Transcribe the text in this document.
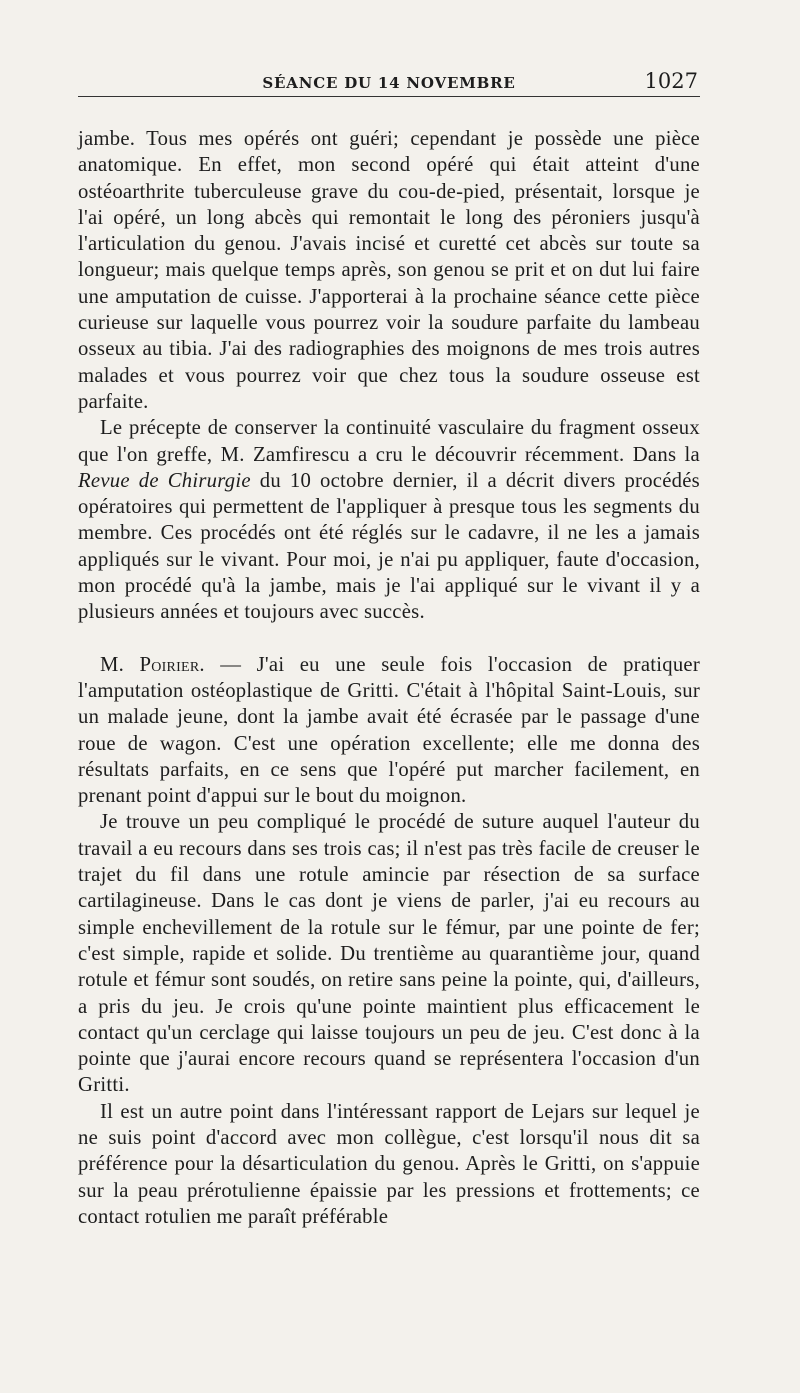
SÉANCE DU 14 NOVEMBRE	1027

jambe. Tous mes opérés ont guéri; cependant je possède une pièce anatomique. En effet, mon second opéré qui était atteint d'une ostéoarthrite tuberculeuse grave du cou-de-pied, présentait, lorsque je l'ai opéré, un long abcès qui remontait le long des péroniers jusqu'à l'articulation du genou. J'avais incisé et curetté cet abcès sur toute sa longueur; mais quelque temps après, son genou se prit et on dut lui faire une amputation de cuisse. J'apporterai à la prochaine séance cette pièce curieuse sur laquelle vous pourrez voir la soudure parfaite du lambeau osseux au tibia. J'ai des radiographies des moignons de mes trois autres malades et vous pourrez voir que chez tous la soudure osseuse est parfaite.

Le précepte de conserver la continuité vasculaire du fragment osseux que l'on greffe, M. Zamfirescu a cru le découvrir récemment. Dans la Revue de Chirurgie du 10 octobre dernier, il a décrit divers procédés opératoires qui permettent de l'appliquer à presque tous les segments du membre. Ces procédés ont été réglés sur le cadavre, il ne les a jamais appliqués sur le vivant. Pour moi, je n'ai pu appliquer, faute d'occasion, mon procédé qu'à la jambe, mais je l'ai appliqué sur le vivant il y a plusieurs années et toujours avec succès.

M. Poirier. — J'ai eu une seule fois l'occasion de pratiquer l'amputation ostéoplastique de Gritti. C'était à l'hôpital Saint-Louis, sur un malade jeune, dont la jambe avait été écrasée par le passage d'une roue de wagon. C'est une opération excellente; elle me donna des résultats parfaits, en ce sens que l'opéré put marcher facilement, en prenant point d'appui sur le bout du moignon.

Je trouve un peu compliqué le procédé de suture auquel l'auteur du travail a eu recours dans ses trois cas; il n'est pas très facile de creuser le trajet du fil dans une rotule amincie par résection de sa surface cartilagineuse. Dans le cas dont je viens de parler, j'ai eu recours au simple enchevillement de la rotule sur le fémur, par une pointe de fer; c'est simple, rapide et solide. Du trentième au quarantième jour, quand rotule et fémur sont soudés, on retire sans peine la pointe, qui, d'ailleurs, a pris du jeu. Je crois qu'une pointe maintient plus efficacement le contact qu'un cerclage qui laisse toujours un peu de jeu. C'est donc à la pointe que j'aurai encore recours quand se représentera l'occasion d'un Gritti.

Il est un autre point dans l'intéressant rapport de Lejars sur lequel je ne suis point d'accord avec mon collègue, c'est lorsqu'il nous dit sa préférence pour la désarticulation du genou. Après le Gritti, on s'appuie sur la peau prérotulienne épaissie par les pressions et frottements; ce contact rotulien me paraît préférable
